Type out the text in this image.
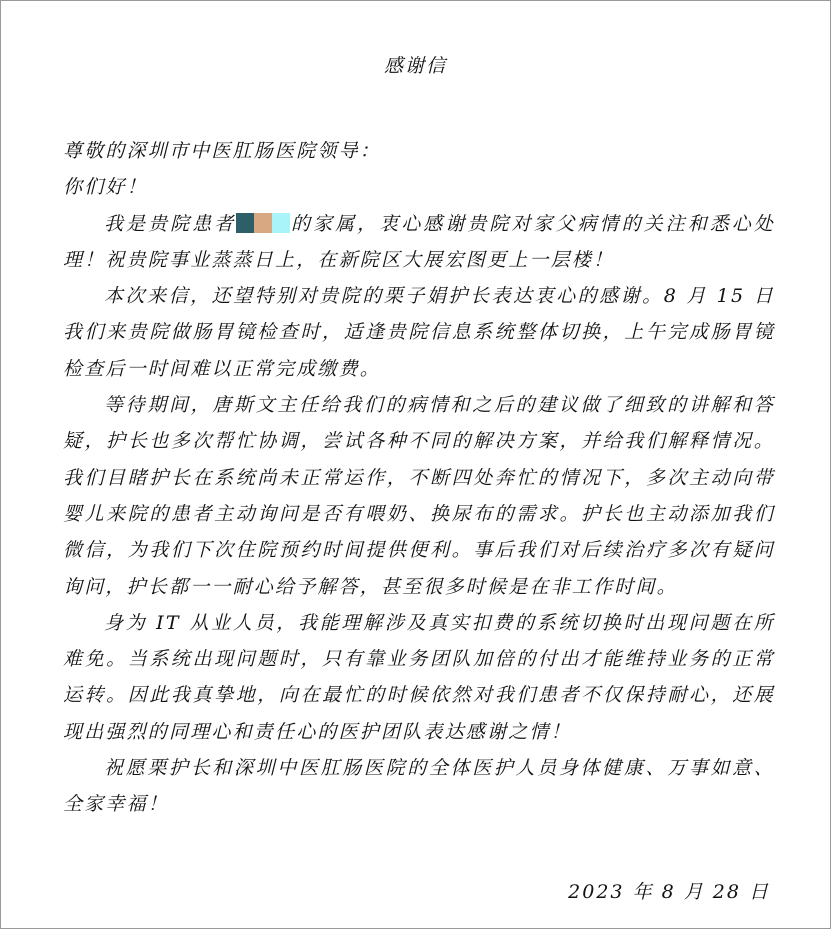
感谢信

尊敬的深圳市中医肛肠医院领导：

你们好！

我是贵院患者	的家属，衷心感谢贵院对家父病情的关注和悉心处理！祝贵院事业蒸蒸日上，在新院区大展宏图更上一层楼！

本次来信，还望特别对贵院的栗子娟护长表达衷心的感谢。8 月 15 日我们来贵院做肠胃镜检查时，适逢贵院信息系统整体切换，上午完成肠胃镜检查后一时间难以正常完成缴费。

等待期间，唐斯文主任给我们的病情和之后的建议做了细致的讲解和答疑，护长也多次帮忙协调，尝试各种不同的解决方案，并给我们解释情况。我们目睹护长在系统尚未正常运作，不断四处奔忙的情况下，多次主动向带婴儿来院的患者主动询问是否有喂奶、换尿布的需求。护长也主动添加我们微信，为我们下次住院预约时间提供便利。事后我们对后续治疗多次有疑问询问，护长都一一耐心给予解答，甚至很多时候是在非工作时间。

身为 IT 从业人员，我能理解涉及真实扣费的系统切换时出现问题在所难免。当系统出现问题时，只有靠业务团队加倍的付出才能维持业务的正常运转。因此我真挚地，向在最忙的时候依然对我们患者不仅保持耐心，还展现出强烈的同理心和责任心的医护团队表达感谢之情！

祝愿栗护长和深圳中医肛肠医院的全体医护人员身体健康、万事如意、全家幸福！

2023 年 8 月 28 日
